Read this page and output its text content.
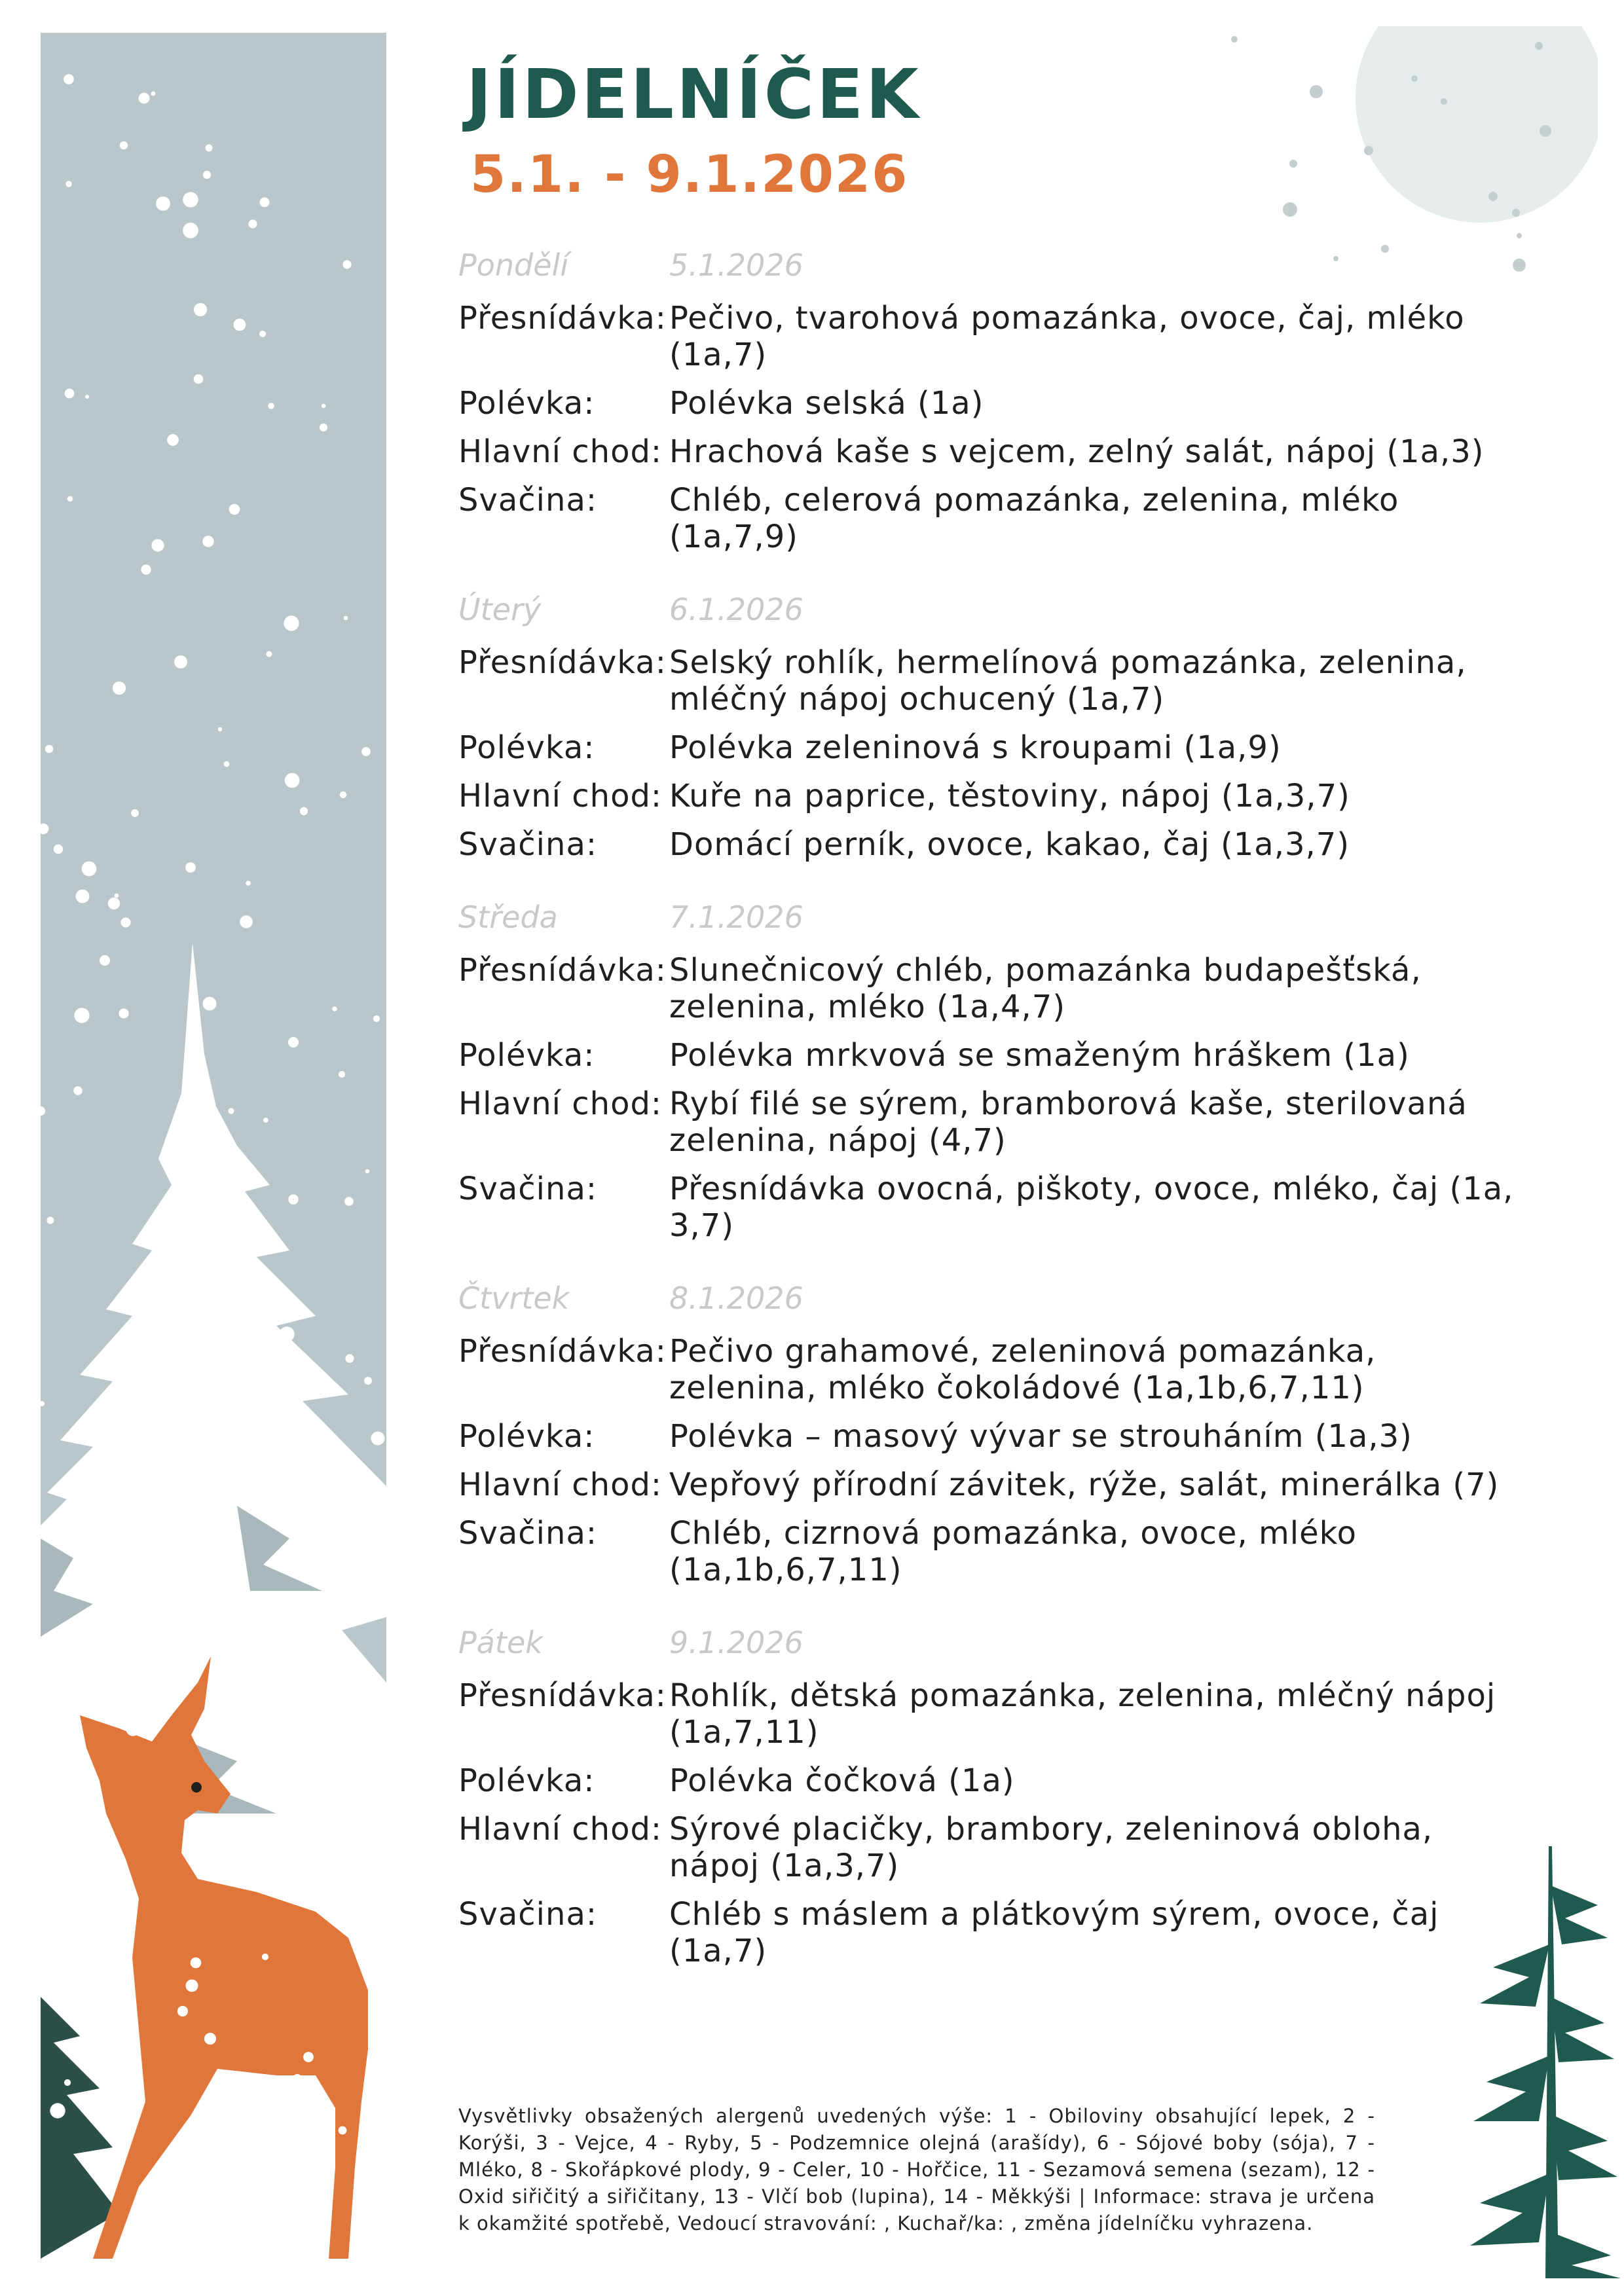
JÍDELNÍČEK
5.1. - 9.1.2026
Pondělí	5.1.2026
Přesnídávka: Pečivo, tvarohová pomazánka, ovoce, čaj, mléko (1a,7)
Polévka:	Polévka selská (1a)
Hlavní chod: Hrachová kaše s vejcem, zelný salát, nápoj (1a,3)
Svačina:	Chléb, celerová pomazánka, zelenina, mléko (1a,7,9)
Úterý	6.1.2026
Přesnídávka: Selský rohlík, hermelínová pomazánka, zelenina, mléčný nápoj ochucený (1a,7)
Polévka:	Polévka zeleninová s kroupami (1a,9)
Hlavní chod: Kuře na paprice, těstoviny, nápoj (1a,3,7)
Svačina:	Domácí perník, ovoce, kakao, čaj (1a,3,7)
Středa	7.1.2026
Přesnídávka: Slunečnicový chléb, pomazánka budapešťská, zelenina, mléko (1a,4,7)
Polévka:	Polévka mrkvová se smaženým hráškem (1a)
Hlavní chod: Rybí filé se sýrem, bramborová kaše, sterilovaná zelenina, nápoj (4,7)
Svačina:	Přesnídávka ovocná, piškoty, ovoce, mléko, čaj (1a, 3,7)
Čtvrtek	8.1.2026
Přesnídávka: Pečivo grahamové, zeleninová pomazánka, zelenina, mléko čokoládové (1a,1b,6,7,11)
Polévka:	Polévka – masový vývar se strouháním (1a,3)
Hlavní chod: Vepřový přírodní závitek, rýže, salát, minerálka (7)
Svačina:	Chléb, cizrnová pomazánka, ovoce, mléko (1a,1b,6,7,11)
Pátek	9.1.2026
Přesnídávka: Rohlík, dětská pomazánka, zelenina, mléčný nápoj (1a,7,11)
Polévka:	Polévka čočková (1a)
Hlavní chod: Sýrové placičky, brambory, zeleninová obloha, nápoj (1a,3,7)
Svačina:	Chléb s máslem a plátkovým sýrem, ovoce, čaj (1a,7)
Vysvětlivky obsažených alergenů uvedených výše: 1 - Obiloviny obsahující lepek, 2 - Korýši, 3 - Vejce, 4 - Ryby, 5 - Podzemnice olejná (arašídy), 6 - Sójové boby (sója), 7 - Mléko, 8 - Skořápkové plody, 9 - Celer, 10 - Hořčice, 11 - Sezamová semena (sezam), 12 - Oxid siřičitý a siřičitany, 13 - Vlčí bob (lupina), 14 - Měkkýši | Informace: strava je určena k okamžité spotřebě, Vedoucí stravování: , Kuchař/ka: , změna jídelníčku vyhrazena.
